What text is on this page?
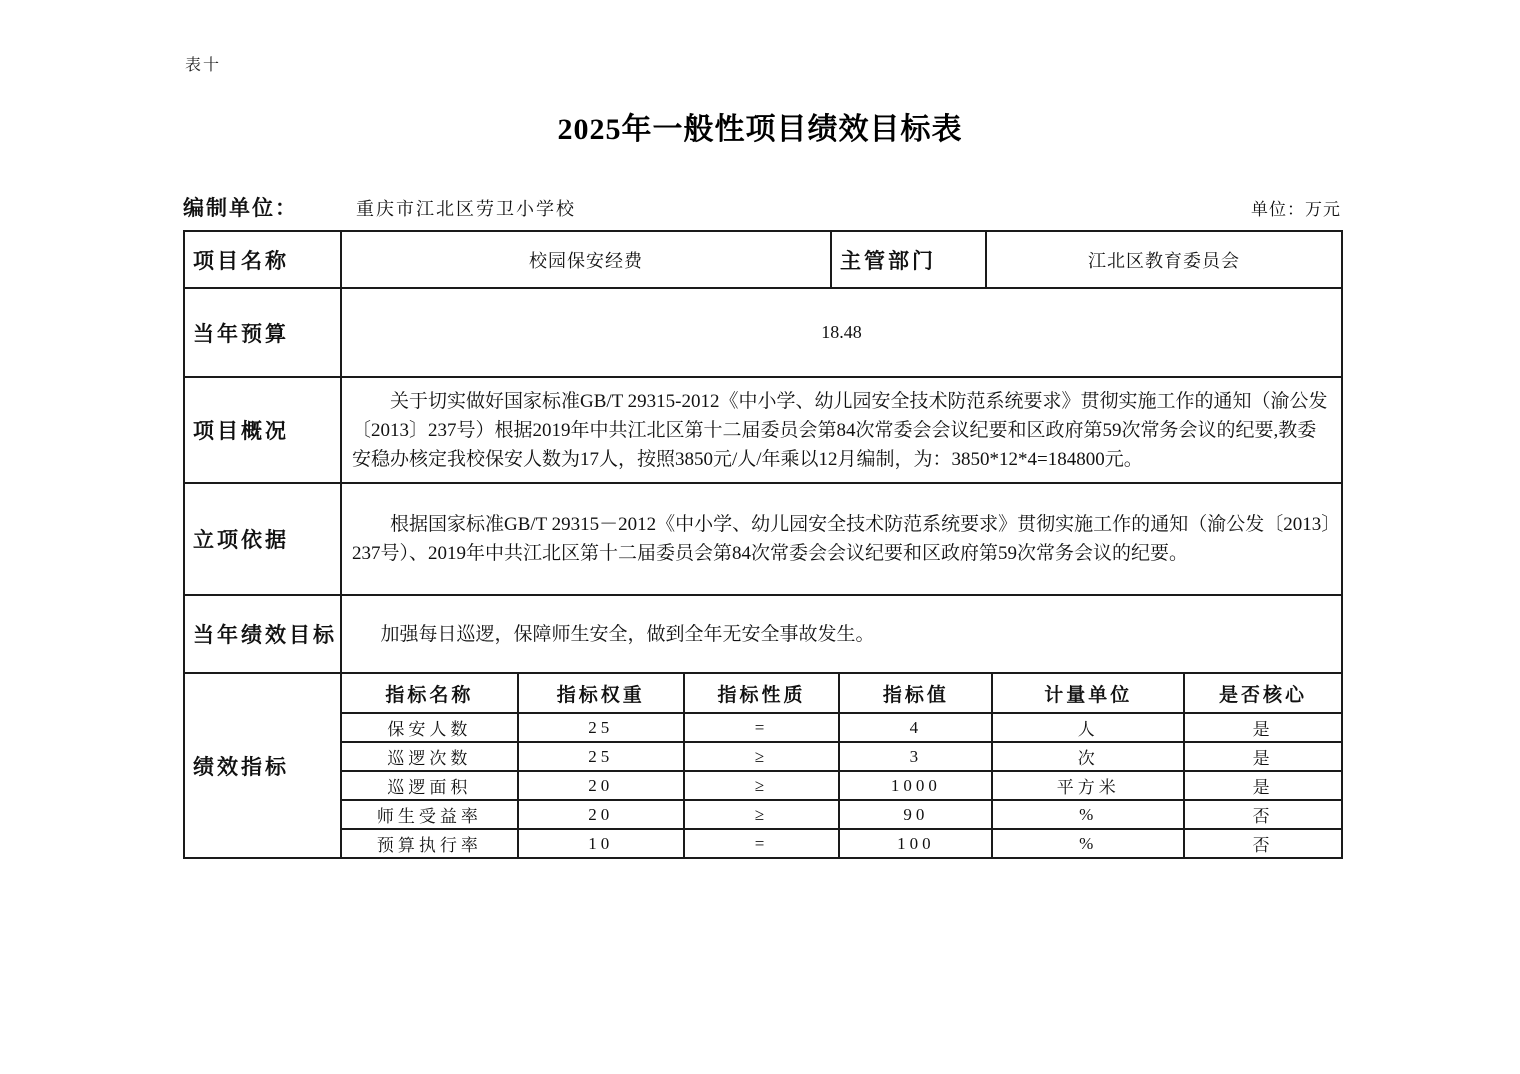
表十
2025年一般性项目绩效目标表
编制单位：	重庆市江北区劳卫小学校	单位：万元
项目名称	校园保安经费	主管部门	江北区教育委员会
当年预算	18.48
项目概况	
关于切实做好国家标准GB/T 29315-2012《中小学、幼儿园安全技术防范系统要求》贯彻实施工作的通知（渝公发〔2013〕237号）根据2019年中共江北区第十二届委员会第84次常委会会议纪要和区政府第59次常务会议的纪要,教委安稳办核定我校保安人数为17人，按照3850元/人/年乘以12月编制，为：3850*12*4=184800元。

立项依据	
根据国家标准GB/T 29315－2012《中小学、幼儿园安全技术防范系统要求》贯彻实施工作的通知（渝公发〔2013〕237号）、2019年中共江北区第十二届委员会第84次常委会会议纪要和区政府第59次常务会议的纪要。

当年绩效目标	加强每日巡逻，保障师生安全，做到全年无安全事故发生。

绩效指标	
指标名称	指标权重	指标性质	指标值	计量单位	是否核心
保安人数	25	=	4	人	是
巡逻次数	25	≥	3	次	是
巡逻面积	20	≥	1000	平方米	是
师生受益率	20	≥	90	%	否
预算执行率	10	=	100	%	否
